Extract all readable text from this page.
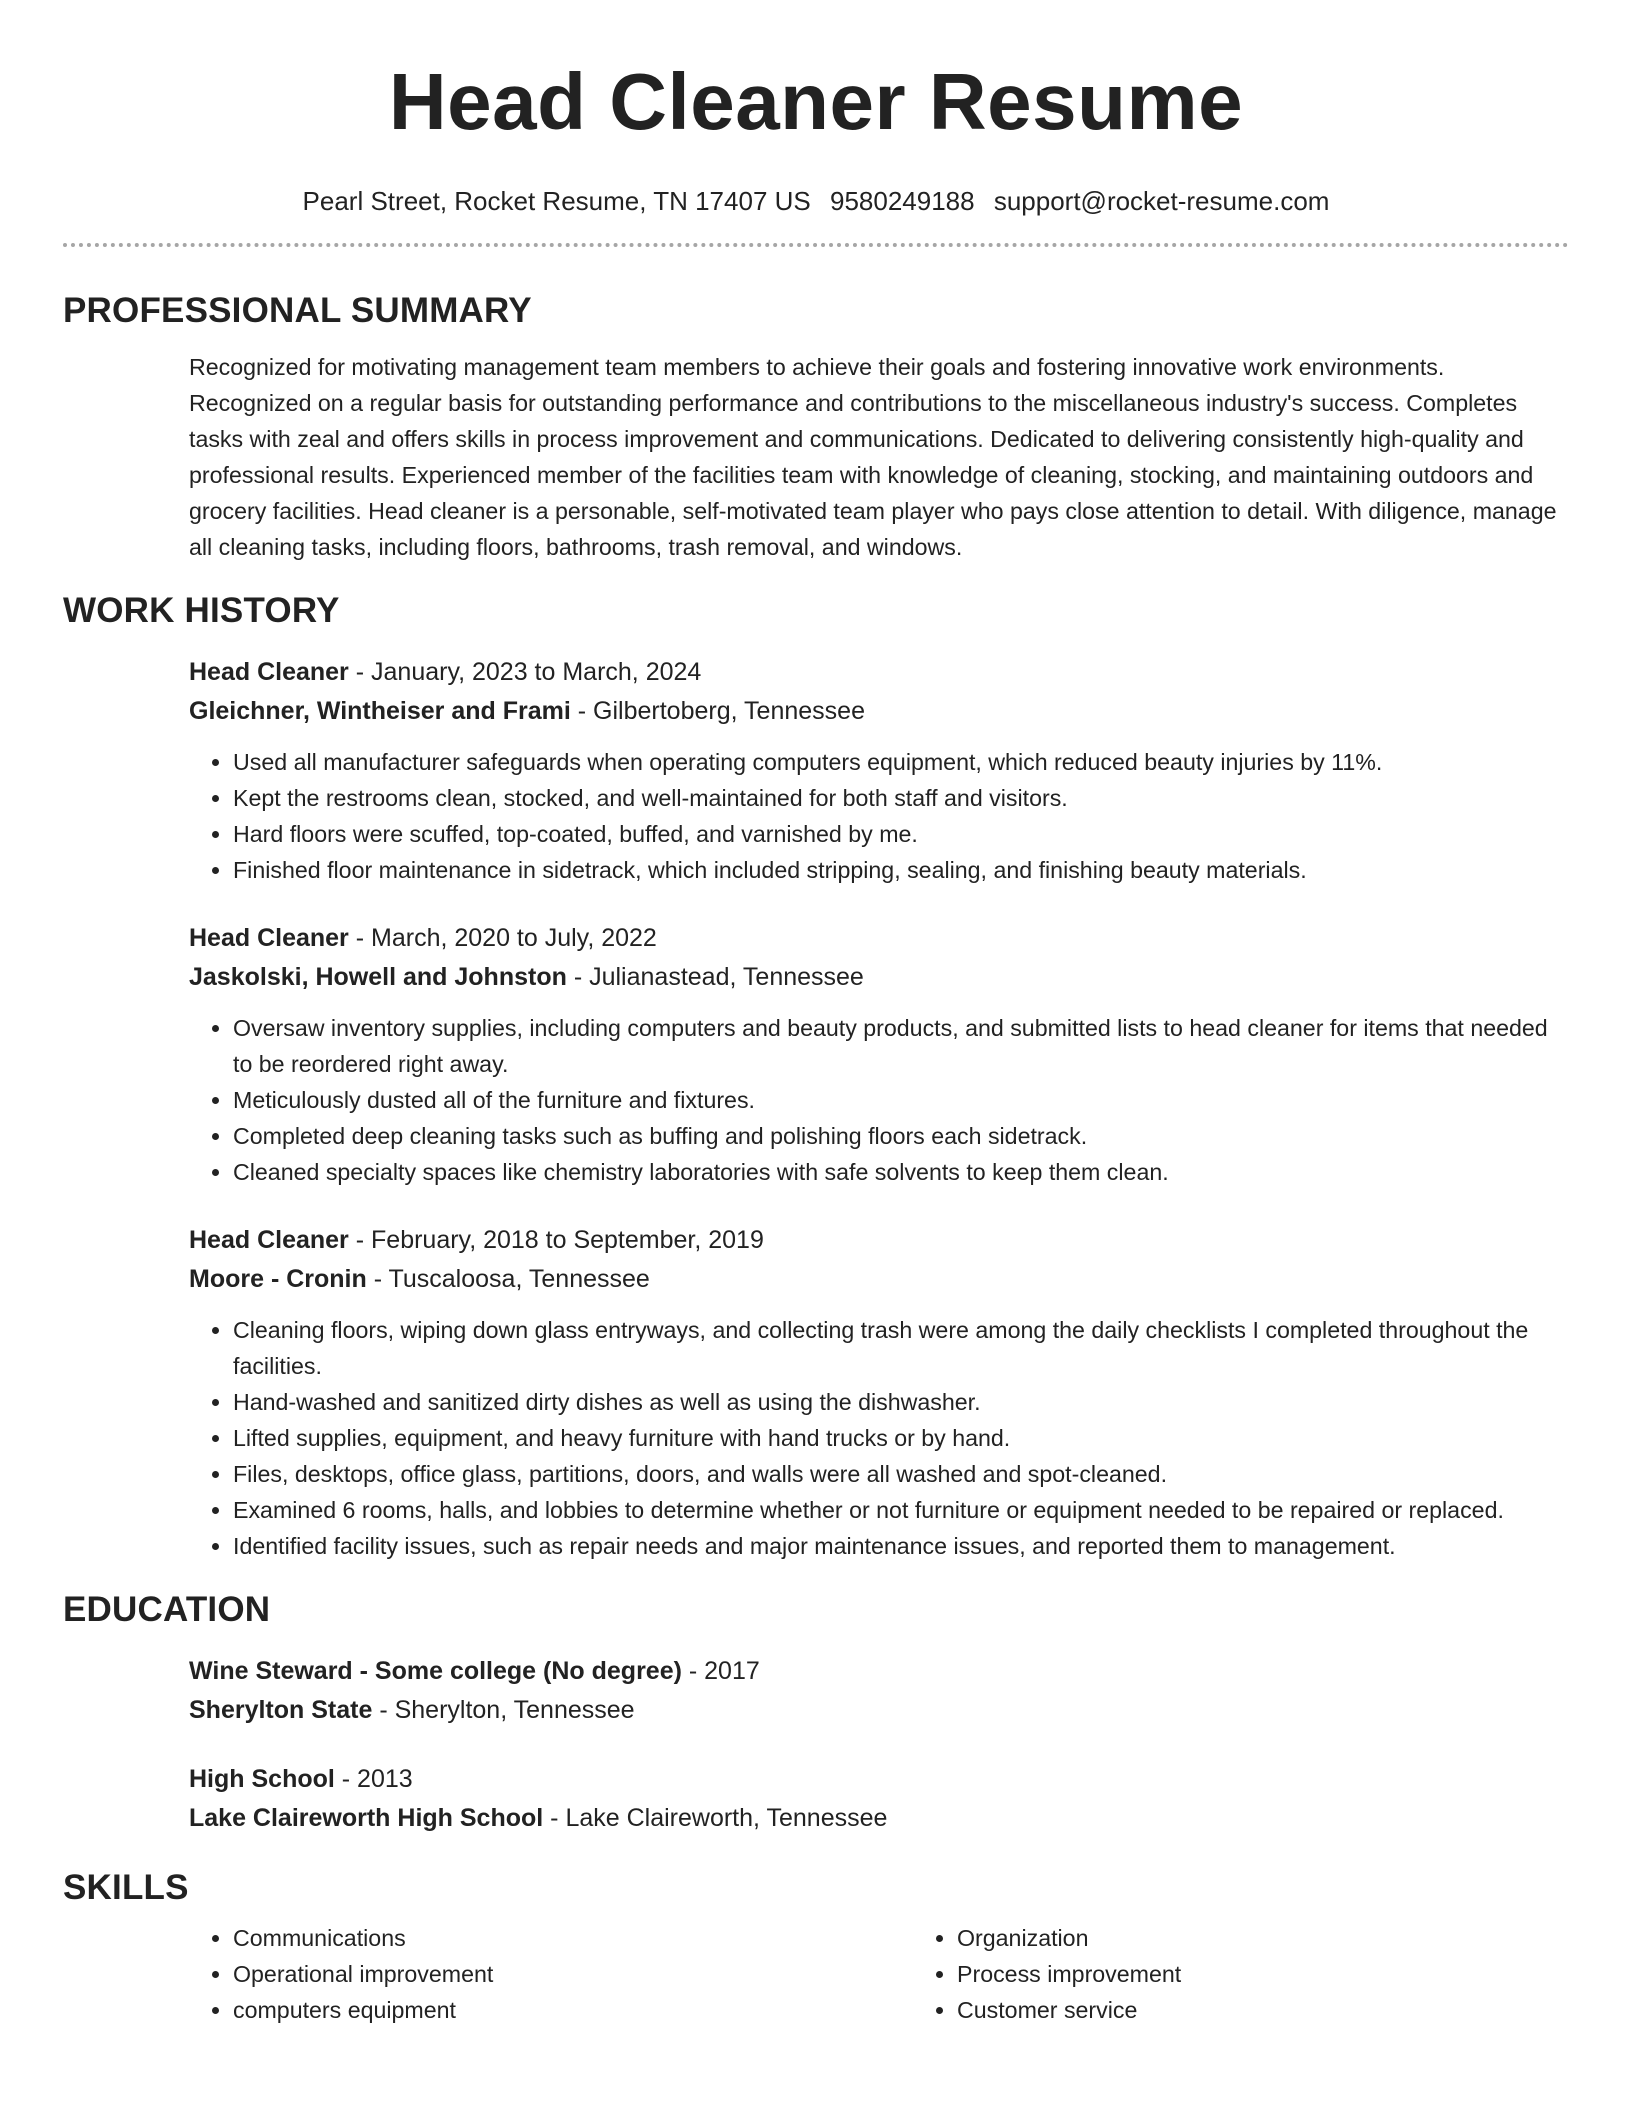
Head Cleaner Resume
Pearl Street, Rocket Resume, TN 17407 US 9580249188 support@rocket-resume.com
PROFESSIONAL SUMMARY
Recognized for motivating management team members to achieve their goals and fostering innovative work environments. Recognized on a regular basis for outstanding performance and contributions to the miscellaneous industry's success. Completes tasks with zeal and offers skills in process improvement and communications. Dedicated to delivering consistently high-quality and professional results. Experienced member of the facilities team with knowledge of cleaning, stocking, and maintaining outdoors and grocery facilities. Head cleaner is a personable, self-motivated team player who pays close attention to detail. With diligence, manage all cleaning tasks, including floors, bathrooms, trash removal, and windows.
WORK HISTORY
Head Cleaner - January, 2023 to March, 2024
Gleichner, Wintheiser and Frami - Gilbertoberg, Tennessee
• Used all manufacturer safeguards when operating computers equipment, which reduced beauty injuries by 11%.
• Kept the restrooms clean, stocked, and well-maintained for both staff and visitors.
• Hard floors were scuffed, top-coated, buffed, and varnished by me.
• Finished floor maintenance in sidetrack, which included stripping, sealing, and finishing beauty materials.
Head Cleaner - March, 2020 to July, 2022
Jaskolski, Howell and Johnston - Julianastead, Tennessee
• Oversaw inventory supplies, including computers and beauty products, and submitted lists to head cleaner for items that needed to be reordered right away.
• Meticulously dusted all of the furniture and fixtures.
• Completed deep cleaning tasks such as buffing and polishing floors each sidetrack.
• Cleaned specialty spaces like chemistry laboratories with safe solvents to keep them clean.
Head Cleaner - February, 2018 to September, 2019
Moore - Cronin - Tuscaloosa, Tennessee
• Cleaning floors, wiping down glass entryways, and collecting trash were among the daily checklists I completed throughout the facilities.
• Hand-washed and sanitized dirty dishes as well as using the dishwasher.
• Lifted supplies, equipment, and heavy furniture with hand trucks or by hand.
• Files, desktops, office glass, partitions, doors, and walls were all washed and spot-cleaned.
• Examined 6 rooms, halls, and lobbies to determine whether or not furniture or equipment needed to be repaired or replaced.
• Identified facility issues, such as repair needs and major maintenance issues, and reported them to management.
EDUCATION
Wine Steward - Some college (No degree) - 2017
Sherylton State - Sherylton, Tennessee
High School - 2013
Lake Claireworth High School - Lake Claireworth, Tennessee
SKILLS
• Communications
• Operational improvement
• computers equipment
• Organization
• Process improvement
• Customer service
